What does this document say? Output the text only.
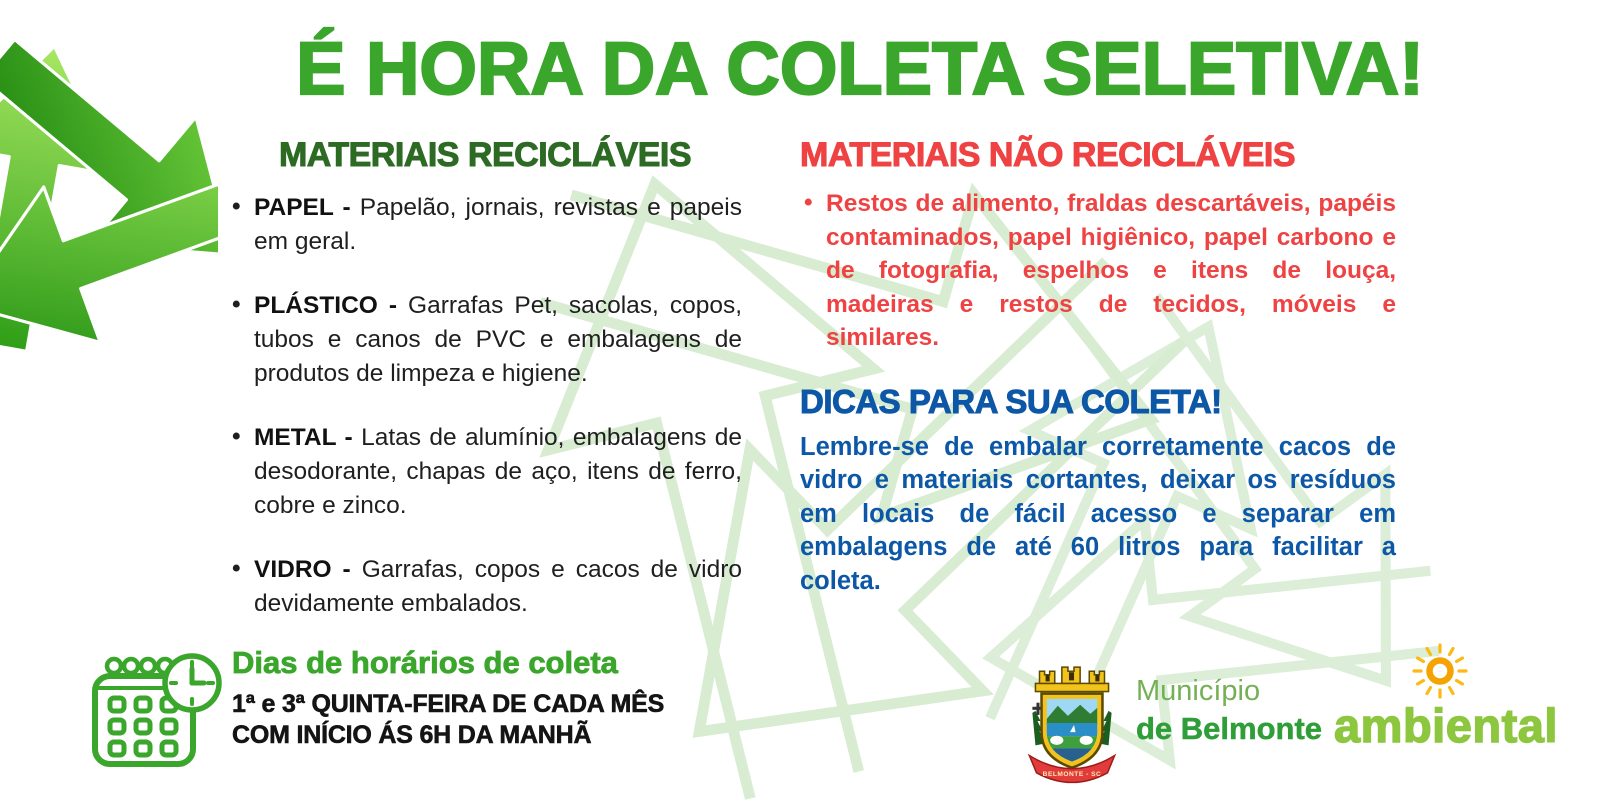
É HORA DA COLETA SELETIVA!
MATERIAIS RECICLÁVEIS
• PAPEL - Papelão, jornais, revistas e papeis em geral.
• PLÁSTICO - Garrafas Pet, sacolas, copos, tubos e canos de PVC e embalagens de produtos de limpeza e higiene.
• METAL - Latas de alumínio, embalagens de desodorante, chapas de aço, itens de ferro, cobre e zinco.
• VIDRO - Garrafas, copos e cacos de vidro devidamente embalados.
MATERIAIS NÃO RECICLÁVEIS
• Restos de alimento, fraldas descartáveis, papéis contaminados, papel higiênico, papel carbono e de fotografia, espelhos e itens de louça, madeiras e restos de tecidos, móveis e similares.
DICAS PARA SUA COLETA!

Lembre-se de embalar corretamente cacos de vidro e materiais cortantes, deixar os resíduos em locais de fácil acesso e separar em embalagens de até 60 litros para facilitar a coleta.

Dias de horários de coleta
1ª e 3ª QUINTA-FEIRA DE CADA MÊS
COM INÍCIO ÁS 6H DA MANHÃ
BELMONTE - SC
Município
de Belmonte ambiental
